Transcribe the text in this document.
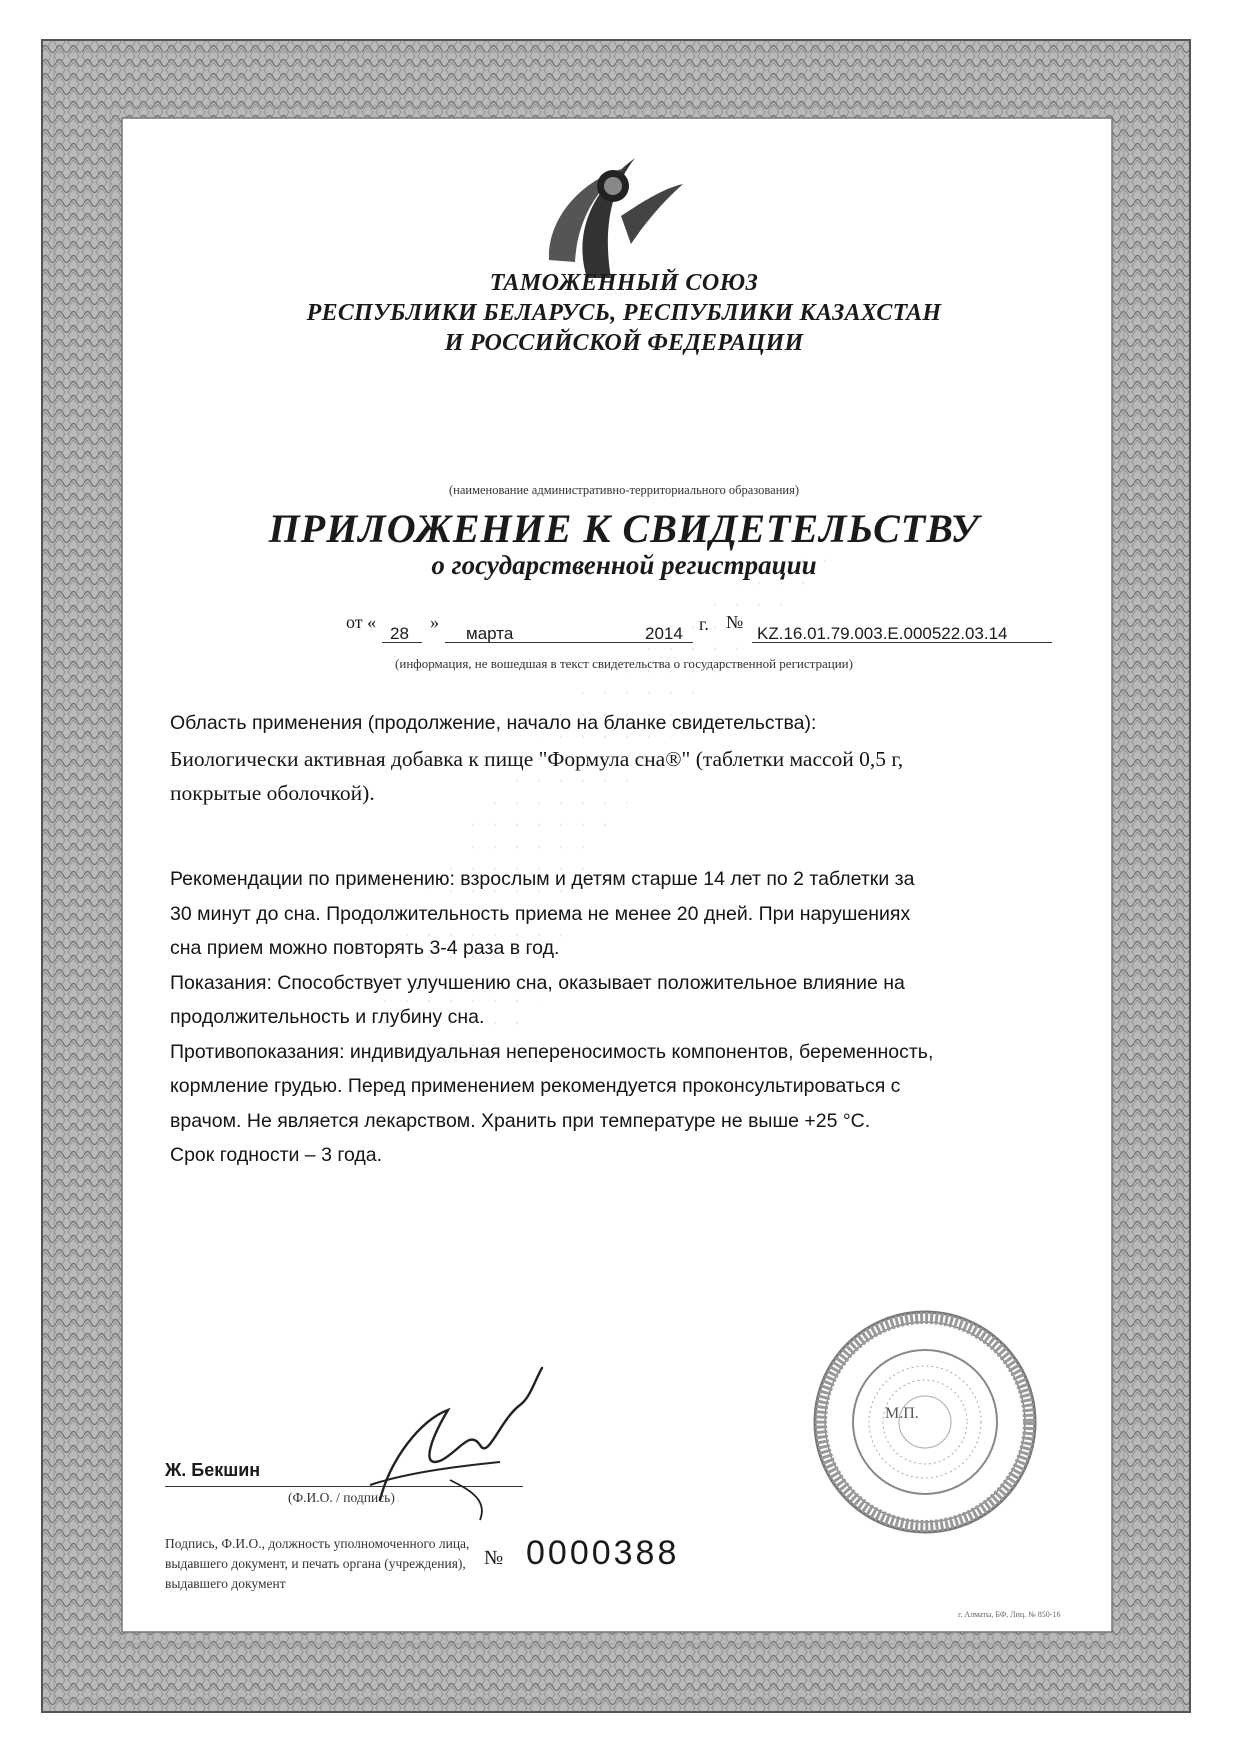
ТАМОЖЕННЫЙ СОЮЗ
РЕСПУБЛИКИ БЕЛАРУСЬ, РЕСПУБЛИКИ КАЗАХСТАН
И РОССИЙСКОЙ ФЕДЕРАЦИИ
(наименование административно-территориального образования)
ПРИЛОЖЕНИЕ К СВИДЕТЕЛЬСТВУ
о государственной регистрации
от «
28
»
марта	2014 г. №
KZ.16.01.79.003.E.000522.03.14
(информация, не вошедшая в текст свидетельства о государственной регистрации)
Область применения (продолжение, начало на бланке свидетельства):
Биологически активная добавка к пище "Формула сна®" (таблетки массой 0,5 г,
покрытые оболочкой).
Рекомендации по применению: взрослым и детям старше 14 лет по 2 таблетки за
30 минут до сна. Продолжительность приема не менее 20 дней. При нарушениях
сна прием можно повторять 3-4 раза в год.
Показания: Способствует улучшению сна, оказывает положительное влияние на
продолжительность и глубину сна.
Противопоказания: индивидуальная непереносимость компонентов, беременность,
кормление грудью. Перед применением рекомендуется проконсультироваться с
врачом. Не является лекарством. Хранить при температуре не выше +25 °С.
Срок годности – 3 года.
Подпись, Ф.И.О., должность уполномоченного лица,
выдавшего документ, и печать органа (учреждения),
выдавшего документ
Ж. Бекшин
(Ф.И.О. / подпись)
М.П.
№ 0000388
г. Алматы, БФ, Лиц. № 850-16
